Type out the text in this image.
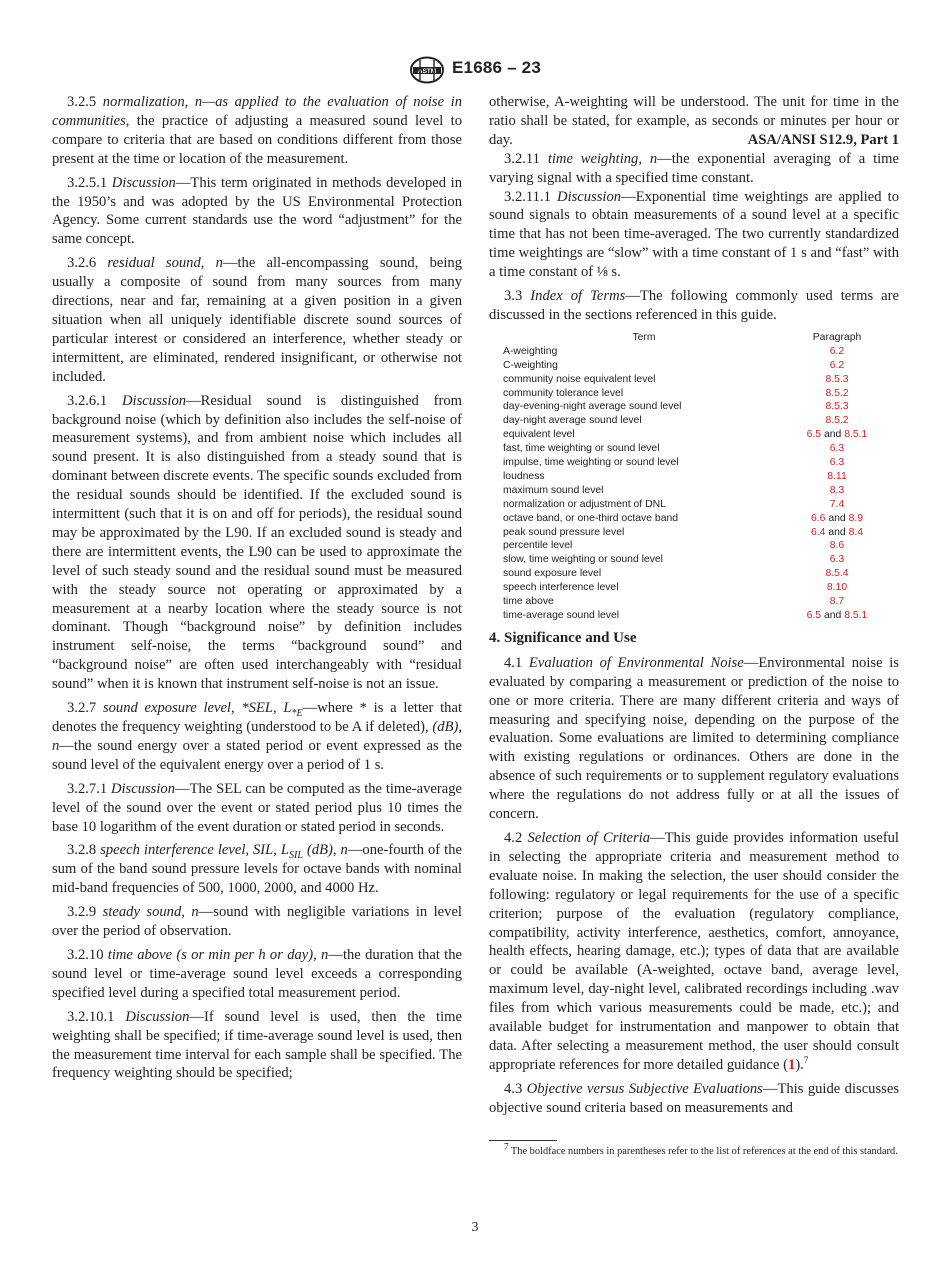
ASTM E1686 – 23

3.2.5 normalization, n—as applied to the evaluation of noise in communities, the practice of adjusting a measured sound level to compare to criteria that are based on conditions different from those present at the time or location of the measurement.

3.2.5.1 Discussion—This term originated in methods developed in the 1950’s and was adopted by the US Environmental Protection Agency. Some current standards use the word “adjustment” for the same concept.

3.2.6 residual sound, n—the all-encompassing sound, being usually a composite of sound from many sources from many directions, near and far, remaining at a given position in a given situation when all uniquely identifiable discrete sound sources of particular interest or considered an interference, whether steady or intermittent, are eliminated, rendered insignificant, or otherwise not included.

3.2.6.1 Discussion—Residual sound is distinguished from background noise (which by definition also includes the self-noise of measurement systems), and from ambient noise which includes all sound present. It is also distinguished from a steady sound that is dominant between discrete events. The specific sounds excluded from the residual sounds should be identified. If the excluded sound is intermittent (such that it is on and off for periods), the residual sound may be approximated by the L90. If an excluded sound is steady and there are intermittent events, the L90 can be used to approximate the level of such steady sound and the residual sound must be measured with the steady source not operating or approximated by a measurement at a nearby location where the steady source is not dominant. Though “background noise” by definition includes instrument self-noise, the terms “background sound” and “background noise” are often used interchangeably with “residual sound” when it is known that instrument self-noise is not an issue.

3.2.7 sound exposure level, *SEL, $L_{*E}—where$ * is a letter that denotes the frequency weighting (understood to be A if deleted), (dB), n—the sound energy over a stated period or event expressed as the sound level of the equivalent energy over a period of 1 s.

3.2.7.1 Discussion—The SEL can be computed as the time-average level of the sound over the event or stated period plus 10 times the base 10 logarithm of the event duration or stated period in seconds.

3.2.8 speech interference level, SIL, $L_{SIL}$ (dB), n—one-fourth of the sum of the band sound pressure levels for octave bands with nominal mid-band frequencies of 500, 1000, 2000, and 4000 Hz.

3.2.9 steady sound, n—sound with negligible variations in level over the period of observation.

3.2.10 time above (s or min per h or day), n—the duration that the sound level or time-average sound level exceeds a corresponding specified level during a specified total measurement period.

3.2.10.1 Discussion—If sound level is used, then the time weighting shall be specified; if time-average sound level is used, then the measurement time interval for each sample shall be specified. The frequency weighting should be specified;

otherwise, A-weighting will be understood. The unit for time in the ratio shall be stated, for example, as seconds or minutes per hour or day.	ASA/ANSI S12.9, Part 1

3.2.11 time weighting, n—the exponential averaging of a time varying signal with a specified time constant.

3.2.11.1 Discussion—Exponential time weightings are applied to sound signals to obtain measurements of a sound level at a specific time that has not been time-averaged. The two currently standardized time weightings are “slow” with a time constant of 1 s and “fast” with a time constant of ⅛ s.

3.3 Index of Terms—The following commonly used terms are discussed in the sections referenced in this guide.

Term	Paragraph
A-weighting	6.2
C-weighting	6.2
community noise equivalent level	8.5.3
community tolerance level	8.5.2
day-evening-night average sound level	8.5.3
day-night average sound level	8.5.2
equivalent level	6.5 and 8.5.1
fast, time weighting or sound level	6.3
impulse, time weighting or sound level	6.3
loudness	8.11
maximum sound level	8.3
normalization or adjustment of DNL	7.4
octave band, or one-third octave band	6.6 and 8.9
peak sound pressure level	6.4 and 8.4
percentile level	8.6
slow, time weighting or sound level	6.3
sound exposure level	8.5.4
speech interference level	8.10
time above	8.7
time-average sound level	6.5 and 8.5.1
4. Significance and Use

4.1 Evaluation of Environmental Noise—Environmental noise is evaluated by comparing a measurement or prediction of the noise to one or more criteria. There are many different criteria and ways of measuring and specifying noise, depending on the purpose of the evaluation. Some evaluations are limited to determining compliance with existing regulations or ordinances. Others are done in the absence of such requirements or to supplement regulatory evaluations where the regulations do not address fully or at all the issues of concern.

4.2 Selection of Criteria—This guide provides information useful in selecting the appropriate criteria and measurement method to evaluate noise. In making the selection, the user should consider the following: regulatory or legal requirements for the use of a specific criterion; purpose of the evaluation (regulatory compliance, compatibility, activity interference, aesthetics, comfort, annoyance, health effects, hearing damage, etc.); types of data that are available or could be available (A-weighted, octave band, average level, maximum level, day-night level, calibrated recordings including .wav files from which various measurements could be made, etc.); and available budget for instrumentation and manpower to obtain that data. After selecting a measurement method, the user should consult appropriate references for more detailed guidance (1).$^7$

4.3 Objective versus Subjective Evaluations—This guide discusses objective sound criteria based on measurements and

$^7$ The boldface numbers in parentheses refer to the list of references at the end of this standard.

3
